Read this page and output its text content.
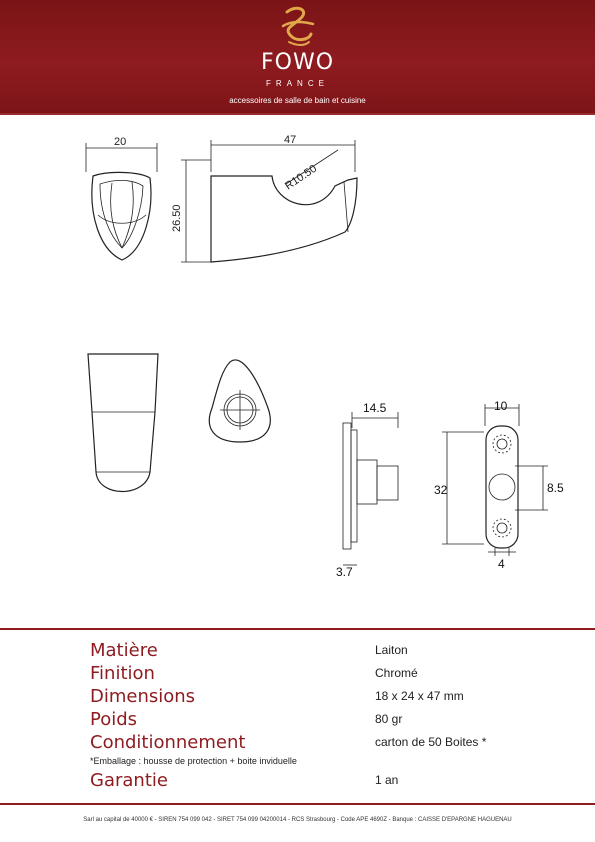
FOWO
FRANCE
accessoires de salle de bain et cuisine
20	47
R10.50
26.50
14.5
3.7
10
32	8.5
4
Matière	Laiton
Finition	Chromé
Dimensions	18 x 24 x 47 mm
Poids	80 gr
Conditionnement	carton de 50 Boites *
*Emballage : housse de protection + boite inviduelle
Garantie	1 an
Sarl au capital de 40000 € - SIREN 754 099 042 - SIRET 754 099 04200014 - RCS Strasbourg - Code APE 4690Z - Banque : CAISSE D'EPARGNE HAGUENAU
